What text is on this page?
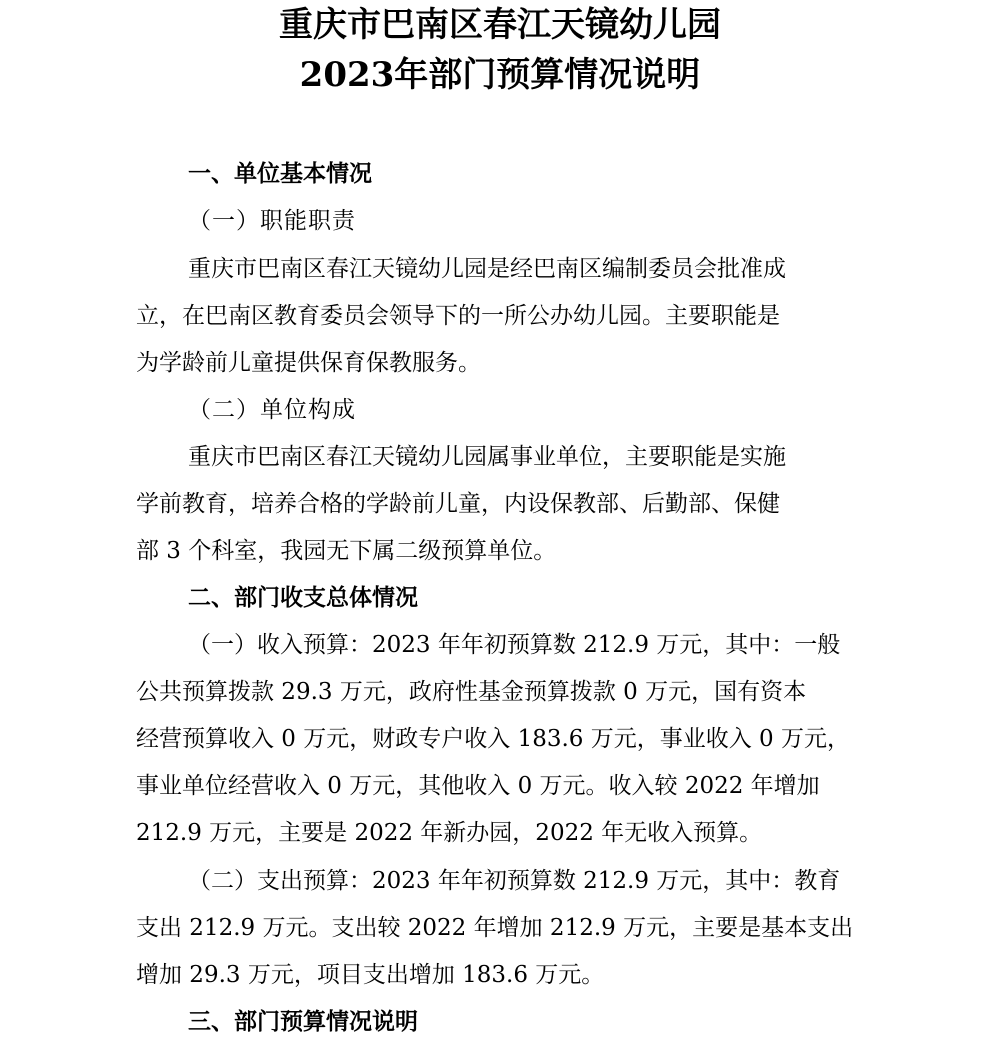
重庆市巴南区春江天镜幼儿园
2023年部门预算情况说明
一、单位基本情况
（一）职能职责
重庆市巴南区春江天镜幼儿园是经巴南区编制委员会批准成
立，在巴南区教育委员会领导下的一所公办幼儿园。主要职能是
为学龄前儿童提供保育保教服务。
（二）单位构成
重庆市巴南区春江天镜幼儿园属事业单位，主要职能是实施
学前教育，培养合格的学龄前儿童，内设保教部、后勤部、保健
部 3 个科室，我园无下属二级预算单位。
二、部门收支总体情况
（一）收入预算：2023 年年初预算数 212.9 万元，其中：一般
公共预算拨款 29.3 万元，政府性基金预算拨款 0 万元，国有资本
经营预算收入 0 万元，财政专户收入 183.6 万元，事业收入 0 万元，
事业单位经营收入 0 万元，其他收入 0 万元。收入较 2022 年增加
212.9 万元，主要是 2022 年新办园，2022 年无收入预算。
（二）支出预算：2023 年年初预算数 212.9 万元，其中：教育
支出 212.9 万元。支出较 2022 年增加 212.9 万元，主要是基本支出
增加 29.3 万元，项目支出增加 183.6 万元。
三、部门预算情况说明
